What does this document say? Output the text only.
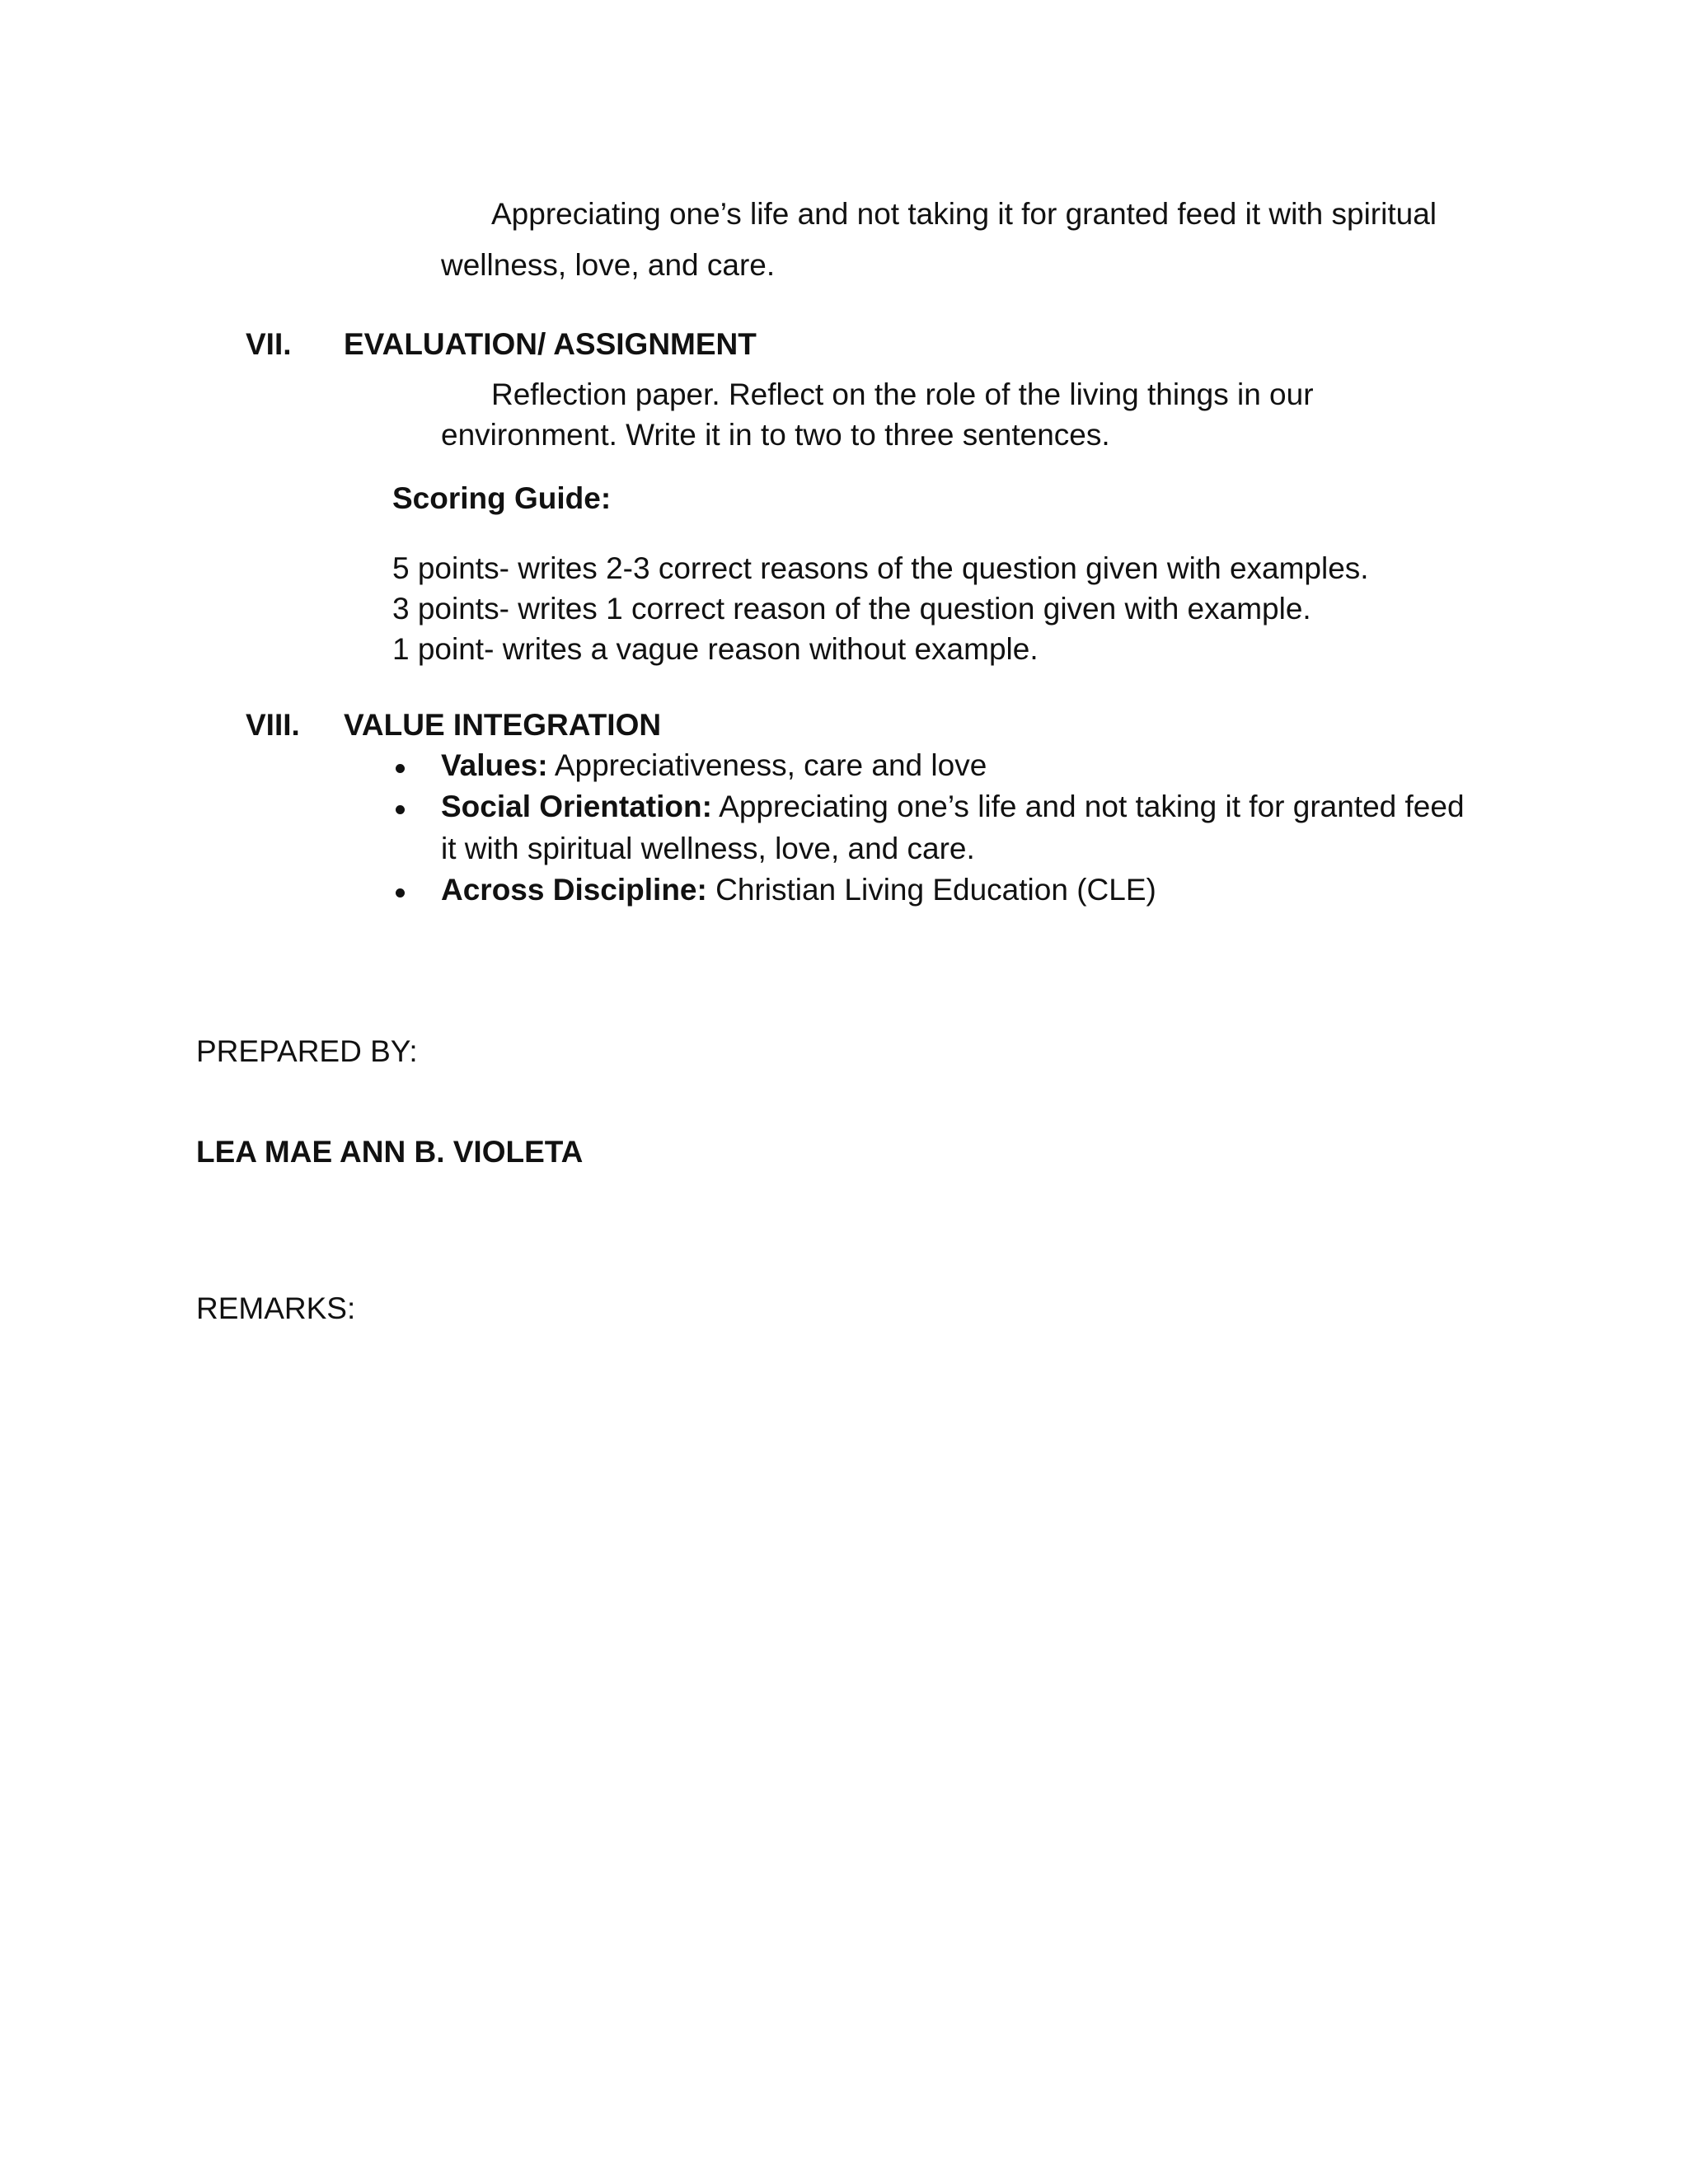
Appreciating one’s life and not taking it for granted feed it with spiritual
wellness, love, and care.
VII. EVALUATION/ ASSIGNMENT
Reflection paper. Reflect on the role of the living things in our
environment. Write it in to two to three sentences.
Scoring Guide:
5 points- writes 2-3 correct reasons of the question given with examples.
3 points- writes 1 correct reason of the question given with example.
1 point- writes a vague reason without example.
VIII. VALUE INTEGRATION
Values: Appreciativeness, care and love
Social Orientation: Appreciating one’s life and not taking it for granted feed
it with spiritual wellness, love, and care.
Across Discipline: Christian Living Education (CLE)
PREPARED BY:
LEA MAE ANN B. VIOLETA
REMARKS:
